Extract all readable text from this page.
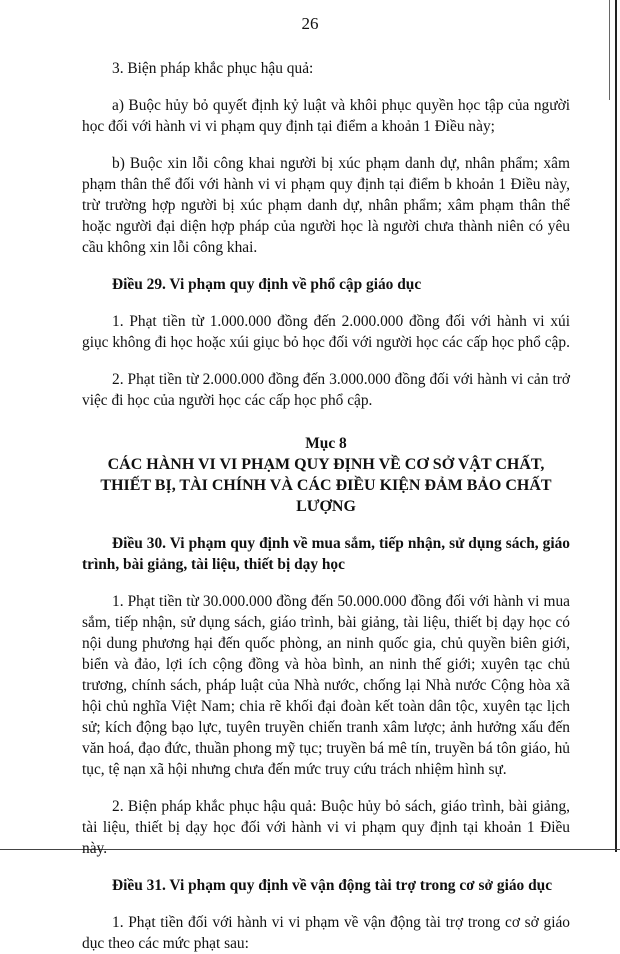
26

3. Biện pháp khắc phục hậu quả:

a) Buộc hủy bỏ quyết định kỷ luật và khôi phục quyền học tập của người học đối với hành vi vi phạm quy định tại điểm a khoản 1 Điều này;

b) Buộc xin lỗi công khai người bị xúc phạm danh dự, nhân phẩm; xâm phạm thân thể đối với hành vi vi phạm quy định tại điểm b khoản 1 Điều này, trừ trường hợp người bị xúc phạm danh dự, nhân phẩm; xâm phạm thân thể hoặc người đại diện hợp pháp của người học là người chưa thành niên có yêu cầu không xin lỗi công khai.

Điều 29. Vi phạm quy định về phổ cập giáo dục

1. Phạt tiền từ 1.000.000 đồng đến 2.000.000 đồng đối với hành vi xúi giục không đi học hoặc xúi giục bỏ học đối với người học các cấp học phổ cập.

2. Phạt tiền từ 2.000.000 đồng đến 3.000.000 đồng đối với hành vi cản trở việc đi học của người học các cấp học phổ cập.

Mục 8

CÁC HÀNH VI VI PHẠM QUY ĐỊNH VỀ CƠ SỞ VẬT CHẤT, THIẾT BỊ, TÀI CHÍNH VÀ CÁC ĐIỀU KIỆN ĐẢM BẢO CHẤT LƯỢNG

Điều 30. Vi phạm quy định về mua sắm, tiếp nhận, sử dụng sách, giáo trình, bài giảng, tài liệu, thiết bị dạy học

1. Phạt tiền từ 30.000.000 đồng đến 50.000.000 đồng đối với hành vi mua sắm, tiếp nhận, sử dụng sách, giáo trình, bài giảng, tài liệu, thiết bị dạy học có nội dung phương hại đến quốc phòng, an ninh quốc gia, chủ quyền biên giới, biển và đảo, lợi ích cộng đồng và hòa bình, an ninh thế giới; xuyên tạc chủ trương, chính sách, pháp luật của Nhà nước, chống lại Nhà nước Cộng hòa xã hội chủ nghĩa Việt Nam; chia rẽ khối đại đoàn kết toàn dân tộc, xuyên tạc lịch sử; kích động bạo lực, tuyên truyền chiến tranh xâm lược; ảnh hưởng xấu đến văn hoá, đạo đức, thuần phong mỹ tục; truyền bá mê tín, truyền bá tôn giáo, hủ tục, tệ nạn xã hội nhưng chưa đến mức truy cứu trách nhiệm hình sự.

2. Biện pháp khắc phục hậu quả: Buộc hủy bỏ sách, giáo trình, bài giảng, tài liệu, thiết bị dạy học đối với hành vi vi phạm quy định tại khoản 1 Điều này.

Điều 31. Vi phạm quy định về vận động tài trợ trong cơ sở giáo dục

1. Phạt tiền đối với hành vi vi phạm về vận động tài trợ trong cơ sở giáo dục theo các mức phạt sau:
